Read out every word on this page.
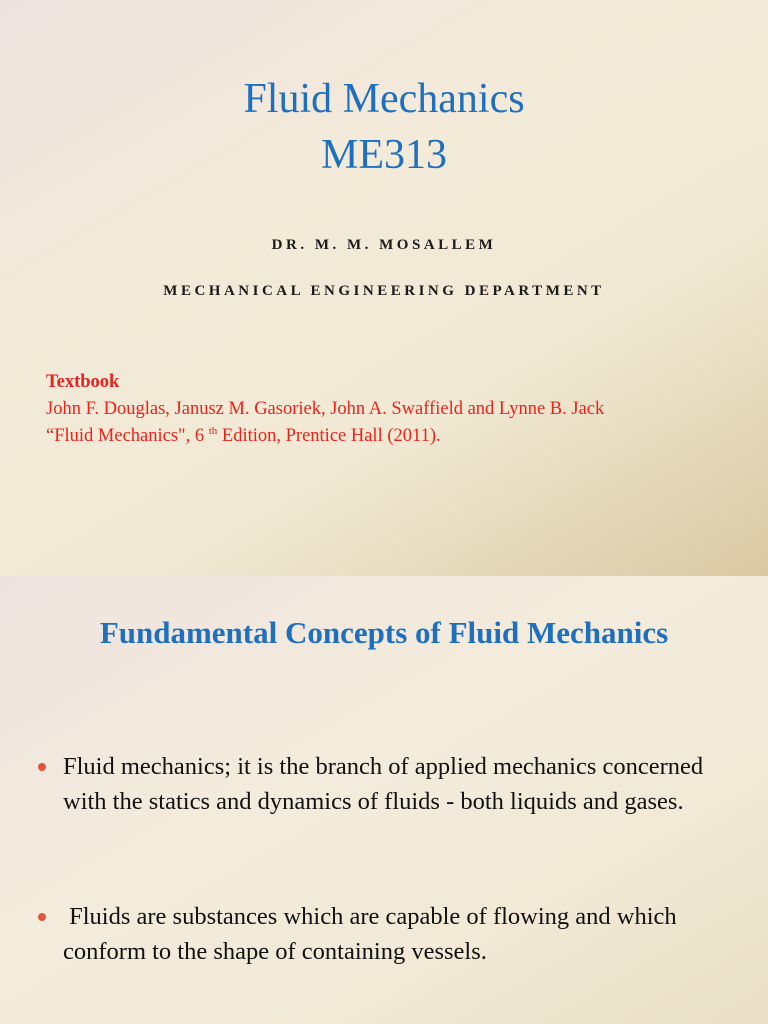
Fluid Mechanics
ME313
DR. M. M. MOSALLEM
MECHANICAL ENGINEERING DEPARTMENT
Textbook
John F. Douglas, Janusz M. Gasoriek, John A. Swaffield and Lynne B. Jack
“Fluid Mechanics", 6 $^{th}$ Edition, Prentice Hall (2011).
Fundamental Concepts of Fluid Mechanics
Fluid mechanics; it is the branch of applied mechanics concerned with the statics and dynamics of fluids - both liquids and gases.
Fluids are substances which are capable of flowing and which conform to the shape of containing vessels.
